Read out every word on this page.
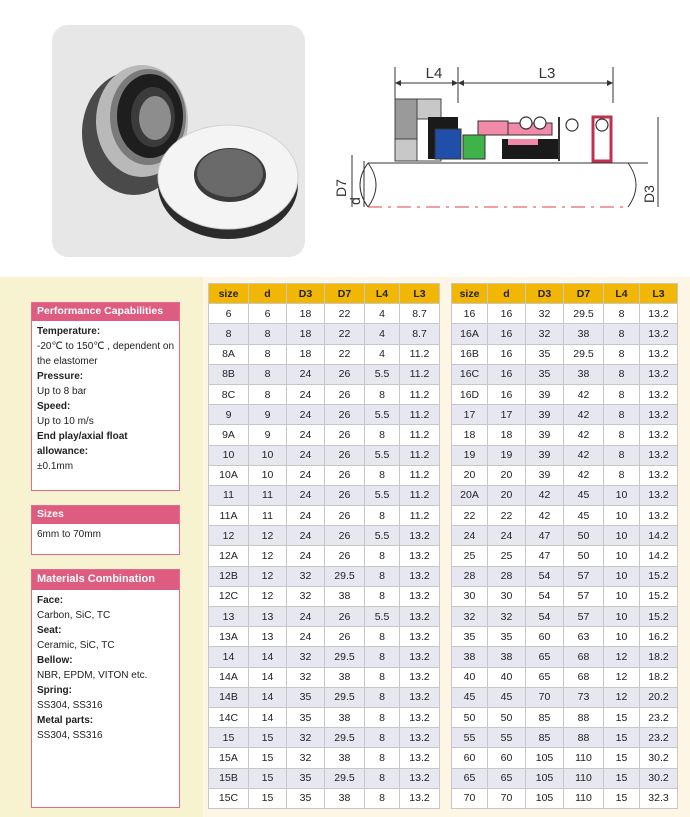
L4	L3
D7
d	D3
Performance Capabilities
Temperature:
-20℃ to 150℃ , dependent on the elastomer
Pressure:
Up to 8 bar
Speed:
Up to 10 m/s
End play/axial float allowance:
±0.1mm
Sizes
6mm to 70mm
Materials Combination
Face:
Carbon, SiC, TC
Seat:
Ceramic, SiC, TC
Bellow:
NBR, EPDM, VITON etc.
Spring:
SS304, SS316
Metal parts:
SS304, SS316
size	d	D3	D7	L4	L3
6	6	18	22	4	8.7
8	8	18	22	4	8.7
8A	8	18	22	4	11.2
8B	8	24	26	5.5	11.2
8C	8	24	26	8	11.2
9	9	24	26	5.5	11.2
9A	9	24	26	8	11.2
10	10	24	26	5.5	11.2
10A	10	24	26	8	11.2
11	11	24	26	5.5	11.2
11A	11	24	26	8	11.2
12	12	24	26	5.5	13.2
12A	12	24	26	8	13.2
12B	12	32	29.5	8	13.2
12C	12	32	38	8	13.2
13	13	24	26	5.5	13.2
13A	13	24	26	8	13.2
14	14	32	29.5	8	13.2
14A	14	32	38	8	13.2
14B	14	35	29.5	8	13.2
14C	14	35	38	8	13.2
15	15	32	29.5	8	13.2
15A	15	32	38	8	13.2
15B	15	35	29.5	8	13.2
15C	15	35	38	8	13.2
size	d	D3	D7	L4	L3
16	16	32	29.5	8	13.2
16A	16	32	38	8	13.2
16B	16	35	29.5	8	13.2
16C	16	35	38	8	13.2
16D	16	39	42	8	13.2
17	17	39	42	8	13.2
18	18	39	42	8	13.2
19	19	39	42	8	13.2
20	20	39	42	8	13.2
20A	20	42	45	10	13.2
22	22	42	45	10	13.2
24	24	47	50	10	14.2
25	25	47	50	10	14.2
28	28	54	57	10	15.2
30	30	54	57	10	15.2
32	32	54	57	10	15.2
35	35	60	63	10	16.2
38	38	65	68	12	18.2
40	40	65	68	12	18.2
45	45	70	73	12	20.2
50	50	85	88	15	23.2
55	55	85	88	15	23.2
60	60	105	110	15	30.2
65	65	105	110	15	30.2
70	70	105	110	15	32.3
